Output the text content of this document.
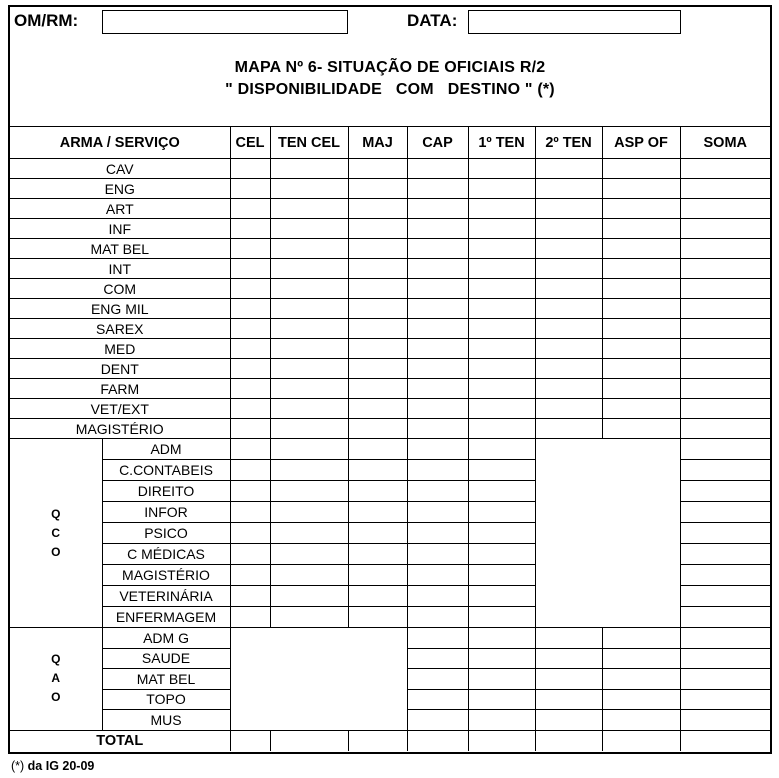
OM/RM:	DATA:
MAPA Nº 6- SITUAÇÃO DE OFICIAIS R/2
" DISPONIBILIDADE   COM   DESTINO " (*)
ARMA / SERVIÇO		CEL	TEN CEL	MAJ	CAP	1º TEN	2º TEN	ASP OF	SOMA
CAV									
ENG									
ART									
INF									
MAT BEL									
INT									
COM									
ENG MIL									
SAREX									
MED									
DENT									
FARM									
VET/EXT									
MAGISTÉRIO									

Q
C
O	ADM								
	C.CONTABEIS								
	DIREITO								
	INFOR								
	PSICO								
	C MÉDICAS								
	MAGISTÉRIO								
	VETERINÁRIA								
	ENFERMAGEM								

Q
A
O	ADM G								
	SAUDE								
	MAT BEL								
	TOPO								
	MUS								
TOTAL									
(*) da IG 20-09
